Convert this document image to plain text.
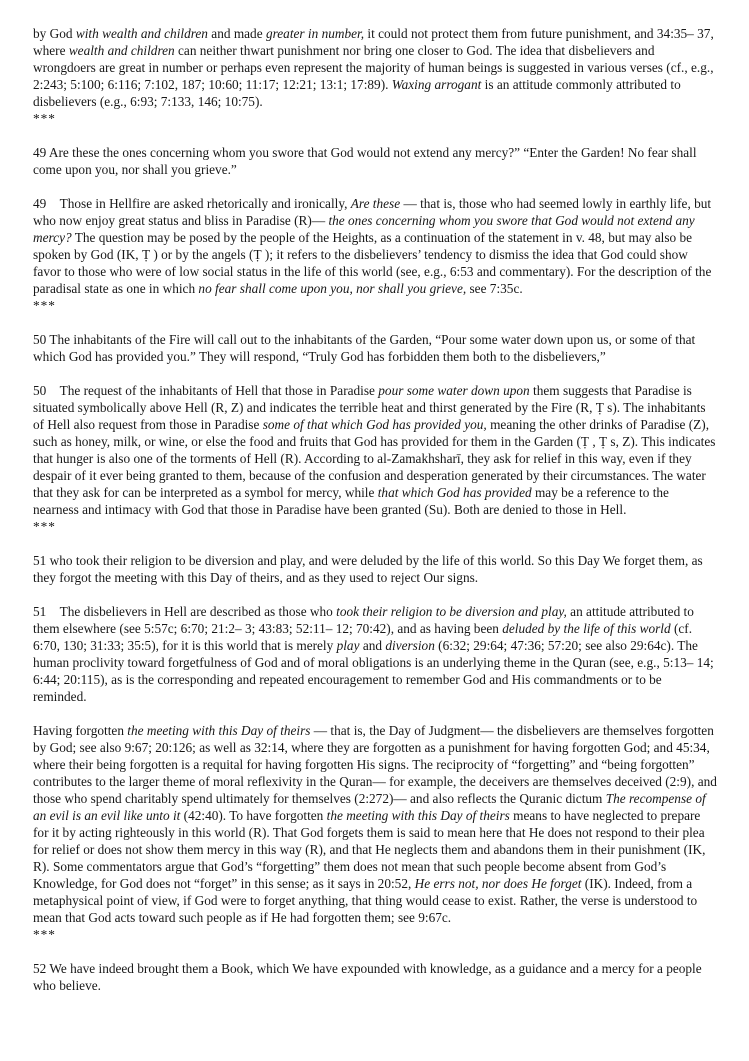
by God with wealth and children and made greater in number, it could not protect them from future punishment, and 34:35– 37, where wealth and children can neither thwart punishment nor bring one closer to God. The idea that disbelievers and wrongdoers are great in number or perhaps even represent the majority of human beings is suggested in various verses (cf., e.g., 2:243; 5:100; 6:116; 7:102, 187; 10:60; 11:17; 12:21; 13:1; 17:89). Waxing arrogant is an attitude commonly attributed to disbelievers (e.g., 6:93; 7:133, 146; 10:75).

***

49 Are these the ones concerning whom you swore that God would not extend any mercy?” “Enter the Garden! No fear shall come upon you, nor shall you grieve.”

49 Those in Hellfire are asked rhetorically and ironically, Are these — that is, those who had seemed lowly in earthly life, but who now enjoy great status and bliss in Paradise (R)— the ones concerning whom you swore that God would not extend any mercy? The question may be posed by the people of the Heights, as a continuation of the statement in v. 48, but may also be spoken by God (IK, Ṭ ) or by the angels (Ṭ ); it refers to the disbelievers’ tendency to dismiss the idea that God could show favor to those who were of low social status in the life of this world (see, e.g., 6:53 and commentary). For the description of the paradisal state as one in which no fear shall come upon you, nor shall you grieve, see 7:35c.

***

50 The inhabitants of the Fire will call out to the inhabitants of the Garden, “Pour some water down upon us, or some of that which God has provided you.” They will respond, “Truly God has forbidden them both to the disbelievers,”

50 The request of the inhabitants of Hell that those in Paradise pour some water down upon them suggests that Paradise is situated symbolically above Hell (R, Z) and indicates the terrible heat and thirst generated by the Fire (R, Ṭ s). The inhabitants of Hell also request from those in Paradise some of that which God has provided you, meaning the other drinks of Paradise (Z), such as honey, milk, or wine, or else the food and fruits that God has provided for them in the Garden (Ṭ , Ṭ s, Z). This indicates that hunger is also one of the torments of Hell (R). According to al-Zamakhsharī, they ask for relief in this way, even if they despair of it ever being granted to them, because of the confusion and desperation generated by their circumstances. The water that they ask for can be interpreted as a symbol for mercy, while that which God has provided may be a reference to the nearness and intimacy with God that those in Paradise have been granted (Su). Both are denied to those in Hell.

***

51 who took their religion to be diversion and play, and were deluded by the life of this world. So this Day We forget them, as they forgot the meeting with this Day of theirs, and as they used to reject Our signs.

51 The disbelievers in Hell are described as those who took their religion to be diversion and play, an attitude attributed to them elsewhere (see 5:57c; 6:70; 21:2– 3; 43:83; 52:11– 12; 70:42), and as having been deluded by the life of this world (cf. 6:70, 130; 31:33; 35:5), for it is this world that is merely play and diversion (6:32; 29:64; 47:36; 57:20; see also 29:64c). The human proclivity toward forgetfulness of God and of moral obligations is an underlying theme in the Quran (see, e.g., 5:13– 14; 6:44; 20:115), as is the corresponding and repeated encouragement to remember God and His commandments or to be reminded.

Having forgotten the meeting with this Day of theirs — that is, the Day of Judgment— the disbelievers are themselves forgotten by God; see also 9:67; 20:126; as well as 32:14, where they are forgotten as a punishment for having forgotten God; and 45:34, where their being forgotten is a requital for having forgotten His signs. The reciprocity of “forgetting” and “being forgotten” contributes to the larger theme of moral reflexivity in the Quran— for example, the deceivers are themselves deceived (2:9), and those who spend charitably spend ultimately for themselves (2:272)— and also reflects the Quranic dictum The recompense of an evil is an evil like unto it (42:40). To have forgotten the meeting with this Day of theirs means to have neglected to prepare for it by acting righteously in this world (R). That God forgets them is said to mean here that He does not respond to their plea for relief or does not show them mercy in this way (R), and that He neglects them and abandons them in their punishment (IK, R). Some commentators argue that God’s “forgetting” them does not mean that such people become absent from God’s Knowledge, for God does not “forget” in this sense; as it says in 20:52, He errs not, nor does He forget (IK). Indeed, from a metaphysical point of view, if God were to forget anything, that thing would cease to exist. Rather, the verse is understood to mean that God acts toward such people as if He had forgotten them; see 9:67c.

***

52 We have indeed brought them a Book, which We have expounded with knowledge, as a guidance and a mercy for a people who believe.
